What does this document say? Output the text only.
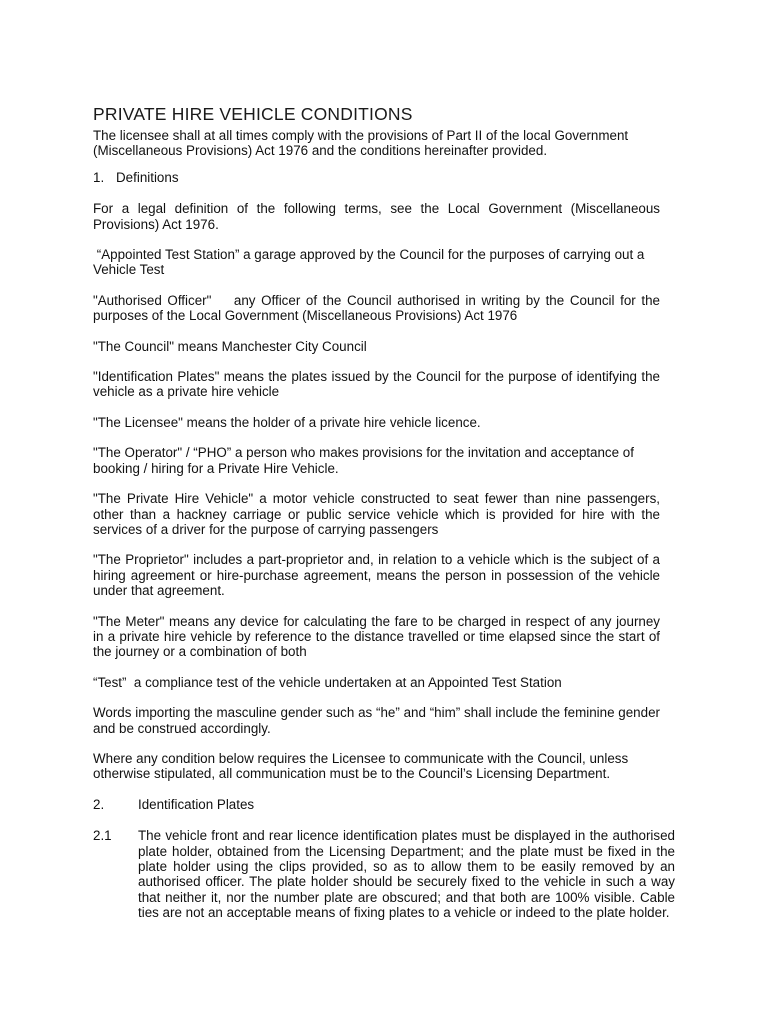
PRIVATE HIRE VEHICLE CONDITIONS

The licensee shall at all times comply with the provisions of Part II of the local Government (Miscellaneous Provisions) Act 1976 and the conditions hereinafter provided.

1. Definitions

For a legal definition of the following terms, see the Local Government (Miscellaneous Provisions) Act 1976.

“Appointed Test Station” a garage approved by the Council for the purposes of carrying out a Vehicle Test

"Authorised Officer"    any Officer of the Council authorised in writing by the Council for the purposes of the Local Government (Miscellaneous Provisions) Act 1976

"The Council" means Manchester City Council

"Identification Plates" means the plates issued by the Council for the purpose of identifying the vehicle as a private hire vehicle

"The Licensee" means the holder of a private hire vehicle licence.

"The Operator" / “PHO” a person who makes provisions for the invitation and acceptance of booking / hiring for a Private Hire Vehicle.

"The Private Hire Vehicle" a motor vehicle constructed to seat fewer than nine passengers, other than a hackney carriage or public service vehicle which is provided for hire with the services of a driver for the purpose of carrying passengers

"The Proprietor" includes a part-proprietor and, in relation to a vehicle which is the subject of a hiring agreement or hire-purchase agreement, means the person in possession of the vehicle under that agreement.

"The Meter" means any device for calculating the fare to be charged in respect of any journey in a private hire vehicle by reference to the distance travelled or time elapsed since the start of the journey or a combination of both

“Test”  a compliance test of the vehicle undertaken at an Appointed Test Station

Words importing the masculine gender such as “he” and “him” shall include the feminine gender and be construed accordingly.

Where any condition below requires the Licensee to communicate with the Council, unless otherwise stipulated, all communication must be to the Council’s Licensing Department.

2.	Identification Plates
2.1	The vehicle front and rear licence identification plates must be displayed in the authorised plate holder, obtained from the Licensing Department; and the plate must be fixed in the plate holder using the clips provided, so as to allow them to be easily removed by an authorised officer. The plate holder should be securely fixed to the vehicle in such a way that neither it, nor the number plate are obscured; and that both are 100% visible. Cable ties are not an acceptable means of fixing plates to a vehicle or indeed to the plate holder.
